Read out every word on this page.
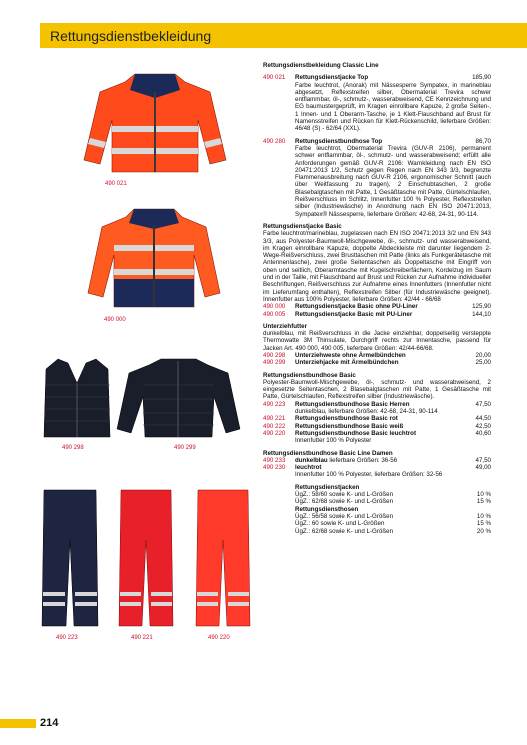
Rettungsdienstbekleidung
490 021
490 000
490 298	490 299
490 223	490 221	490 220

Rettungsdienstbekleidung Classic Line

490 021	Rettungsdienstjacke Top	185,90

Farbe leuchtrot, (Anorak) mit Nässesperre Sympatex, in marineblau abgesetzt, Reflexstreifen silber, Obermaterial Trevira schwer entflammbar, öl-, schmutz-, wasserabweisend, CE Kennzeichnung und EG baumustergeprüft, im Kragen einrollbare Kapuze, 2 große Seiten-, 1 Innen- und 1 Oberarm-Tasche, je 1 Klett-Flauschband auf Brust für Namensstreifen und Rücken für Klett-Rückenschild, lieferbare Größen: 46/48 (S) - 62/64 (XXL).

490 280	Rettungsdienstbundhose Top	86,70

Farbe leuchtrot, Obermaterial Trevira (GUV-R 2106), permanent schwer entflammbar, öl-, schmutz- und wasserabweisend; erfüllt alle Anforderungen gemäß GUV-R 2106: Warnkleidung nach EN ISO 20471:2013 1/2, Schutz gegen Regen nach EN 343 3/3, begrenzte Flammenausbreitung nach GUV-R 2106, ergonomischer Schnitt (auch über Weitfassung zu tragen), 2 Einschubtaschen, 2 große Blasebalgtaschen mit Patte, 1 Gesäßtasche mit Patte, Gürtelschlaufen, Reißverschluss im Schlitz, Innenfutter 100 % Polyester, Reflexstreifen silber (Industriewäsche) in Anordnung nach EN ISO 20471:2013, Sympatex® Nässesperre, lieferbare Größen: 42-68, 24-31, 90-114.

Rettungsdienstjacke Basic

Farbe leuchtrot/marineblau, zugelassen nach EN ISO 20471:2013 3/2 und EN 343 3/3, aus Polyester-Baumwoll-Mischgewebe, öl-, schmutz- und wasserabweisend, im Kragen einrollbare Kapuze, doppelte Abdeckleiste mit darunter liegendem 2-Wege-Reißverschluss, zwei Brusttaschen mit Patte (links als Funkgerätetasche mit Antennenlasche), zwei große Seitentaschen als Doppeltasche mit Eingriff von oben und seitlich, Oberarmtasche mit Kugelschreiberfächern, Kordelzug im Saum und in der Taille, mit Flauschband auf Brust und Rücken zur Aufnahme individueller Beschriftungen, Reißverschluss zur Aufnahme eines Innenfutters (Innenfutter nicht im Lieferumfang enthalten), Reflexstreifen Silber (für Industriewäsche geeignet). Innenfutter aus 100% Polyester, lieferbare Größen: 42/44 - 66/68

490 000	Rettungsdienstjacke Basic ohne PU-Liner	125,90
490 005	Rettungsdienstjacke Basic mit PU-Liner	144,10

Unterziehfutter

dunkelblau, mit Reißverschluss in die Jacke einziehbar, doppelseitig versteppte Thermowatte 3M Thinsulate, Durchgriff rechts zur Innentasche, passend für Jacken Art. 490 000, 490 005, lieferbare Größen: 42/44-66/68.

490 298	Unterziehweste ohne Ärmelbündchen	20,00
490 299	Unterziehjacke mit Ärmelbündchen	25,00

Rettungsdienstbundhose Basic

Polyester-Baumwoll-Mischgewebe, öl-, schmutz- und wasserabweisend, 2 eingesetzte Seitentaschen, 2 Blasebalgtaschen mit Patte, 1 Gesäßtasche mit Patte, Gürtelschlaufen, Reflexstreifen silber (Industriewäsche).

490 223	Rettungsdienstbundhose Basic Herren	47,50

dunkelblau, lieferbare Größen: 42-68, 24-31, 90-114

490 221	Rettungsdienstbundhose Basic rot	44,50
490 222	Rettungsdienstbundhose Basic weiß	42,50
490 220	Rettungsdienstbundhose Basic leuchtrot	40,60

Innenfutter 100 % Polyester

Rettungsdienstbundhose Basic Line Damen

490 233	dunkelblau lieferbare Größen: 36-56	47,50
490 230	leuchtrot	49,00

Innenfutter 100 % Polyester, lieferbare Größen: 32-56

Rettungsdienstjacken

ÜgZ.: 58/60 sowie K- und L-Größen	10 %
ÜgZ.: 62/68 sowie K- und L-Größen	15 %

Rettungsdiensthosen

ÜgZ.: 56/58 sowie K- und L-Größen	10 %
ÜgZ.: 60 sowie K- und L-Größen	15 %
ÜgZ.: 62/68 sowie K- und L-Größen	20 %
214
